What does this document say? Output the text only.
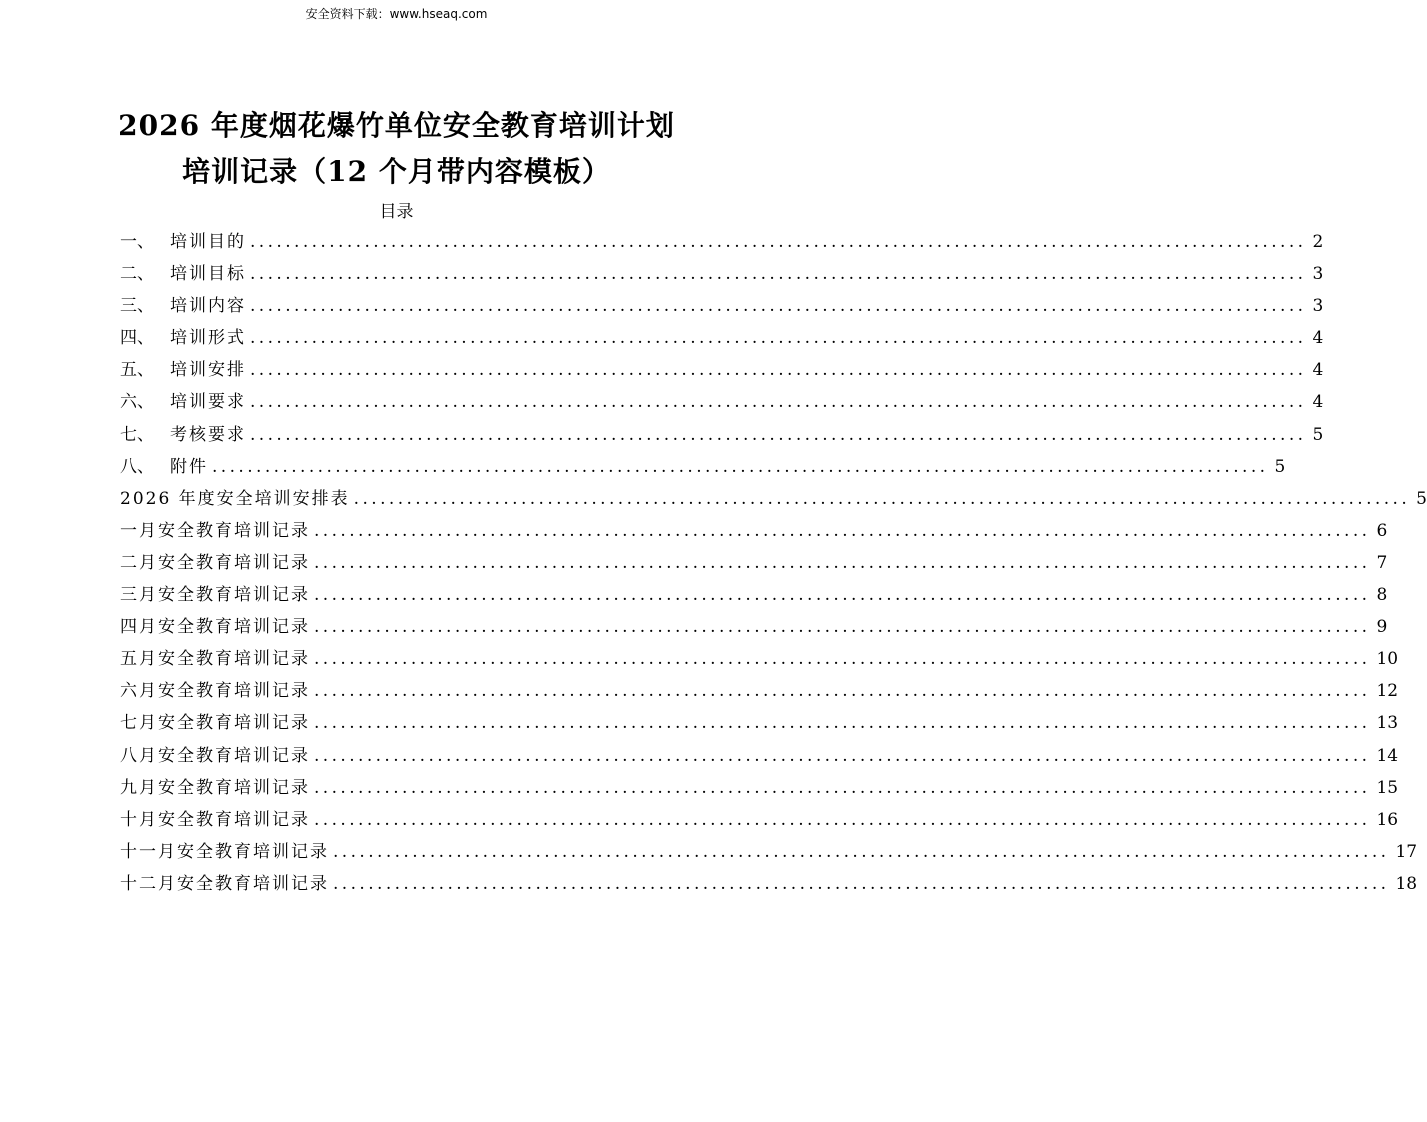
安全资料下载：www.hseaq.com
2026 年度烟花爆竹单位安全教育培训计划
培训记录（12 个月带内容模板）
目录
一、 培训目的 ........................................................................................................................ 2
二、 培训目标 ........................................................................................................................ 3
三、 培训内容 ........................................................................................................................ 3
四、 培训形式 ........................................................................................................................ 4
五、 培训安排 ........................................................................................................................ 4
六、 培训要求 ........................................................................................................................ 4
七、 考核要求 ........................................................................................................................ 5
八、 附件 ........................................................................................................................ 5
2026 年度安全培训安排表 ........................................................................................................................ 5
一月安全教育培训记录 ........................................................................................................................ 6
二月安全教育培训记录 ........................................................................................................................ 7
三月安全教育培训记录 ........................................................................................................................ 8
四月安全教育培训记录 ........................................................................................................................ 9
五月安全教育培训记录 ........................................................................................................................ 10
六月安全教育培训记录 ........................................................................................................................ 12
七月安全教育培训记录 ........................................................................................................................ 13
八月安全教育培训记录 ........................................................................................................................ 14
九月安全教育培训记录 ........................................................................................................................ 15
十月安全教育培训记录 ........................................................................................................................ 16
十一月安全教育培训记录 ........................................................................................................................ 17
十二月安全教育培训记录 ........................................................................................................................ 18
